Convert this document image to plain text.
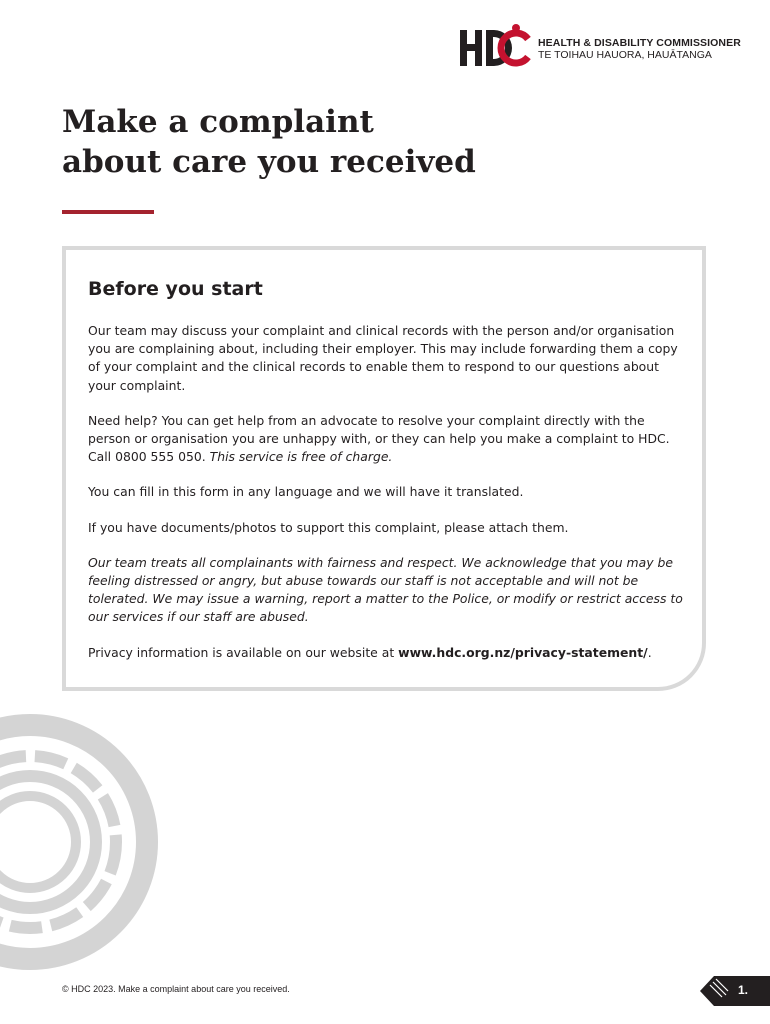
HEALTH & DISABILITY COMMISSIONER
TE TOIHAU HAUORA, HAUĀTANGA
Make a complaint
about care you received
Before you start

Our team may discuss your complaint and clinical records with the person and/or organisation you are complaining about, including their employer. This may include forwarding them a copy of your complaint and the clinical records to enable them to respond to our questions about your complaint.

Need help? You can get help from an advocate to resolve your complaint directly with the person or organisation you are unhappy with, or they can help you make a complaint to HDC. Call 0800 555 050. This service is free of charge.

You can fill in this form in any language and we will have it translated.

If you have documents/photos to support this complaint, please attach them.

Our team treats all complainants with fairness and respect. We acknowledge that you may be feeling distressed or angry, but abuse towards our staff is not acceptable and will not be tolerated. We may issue a warning, report a matter to the Police, or modify or restrict access to our services if our staff are abused.

Privacy information is available on our website at www.hdc.org.nz/privacy-statement/.

© HDC 2023. Make a complaint about care you received.	1.
